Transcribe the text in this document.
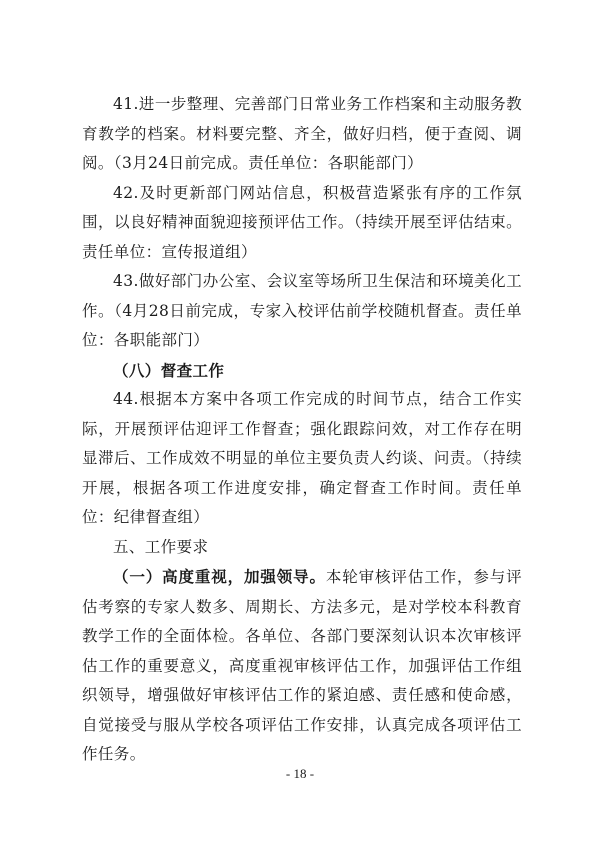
41.进一步整理、完善部门日常业务工作档案和主动服务教育教学的档案。材料要完整、齐全，做好归档，便于查阅、调阅。（3月24日前完成。责任单位：各职能部门）

42.及时更新部门网站信息，积极营造紧张有序的工作氛围，以良好精神面貌迎接预评估工作。（持续开展至评估结束。责任单位：宣传报道组）

43.做好部门办公室、会议室等场所卫生保洁和环境美化工作。（4月28日前完成，专家入校评估前学校随机督查。责任单位：各职能部门）

（八）督查工作

44.根据本方案中各项工作完成的时间节点，结合工作实际，开展预评估迎评工作督查；强化跟踪问效，对工作存在明显滞后、工作成效不明显的单位主要负责人约谈、问责。（持续开展，根据各项工作进度安排，确定督查工作时间。责任单位：纪律督查组）

五、工作要求

（一）高度重视，加强领导。本轮审核评估工作，参与评估考察的专家人数多、周期长、方法多元，是对学校本科教育教学工作的全面体检。各单位、各部门要深刻认识本次审核评估工作的重要意义，高度重视审核评估工作，加强评估工作组织领导，增强做好审核评估工作的紧迫感、责任感和使命感，自觉接受与服从学校各项评估工作安排，认真完成各项评估工作任务。

- 18 -
